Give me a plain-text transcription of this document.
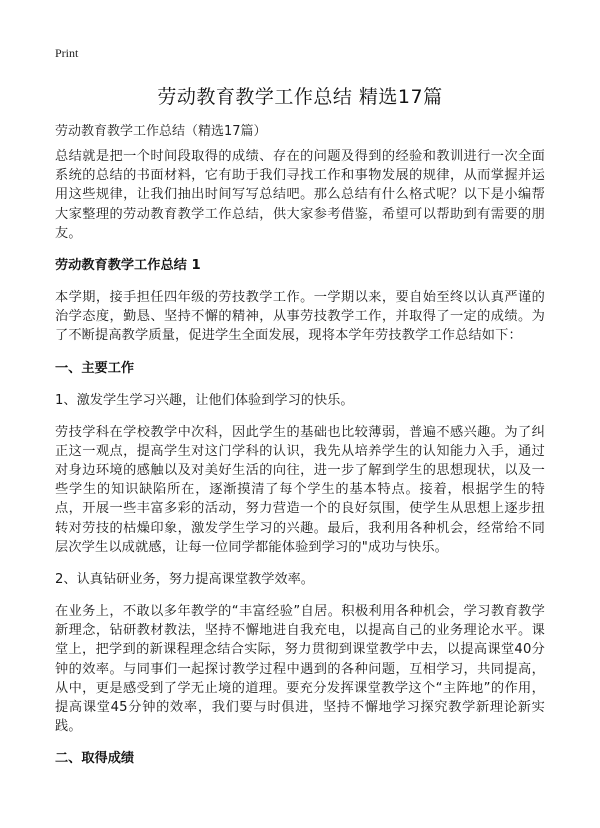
Print
劳动教育教学工作总结 精选17篇
劳动教育教学工作总结（精选17篇）

总结就是把一个时间段取得的成绩、存在的问题及得到的经验和教训进行一次全面系统的总结的书面材料，它有助于我们寻找工作和事物发展的规律，从而掌握并运用这些规律，让我们抽出时间写写总结吧。那么总结有什么格式呢？以下是小编帮大家整理的劳动教育教学工作总结，供大家参考借鉴，希望可以帮助到有需要的朋友。

劳动教育教学工作总结 1

本学期，接手担任四年级的劳技教学工作。一学期以来，要自始至终以认真严谨的治学态度，勤恳、坚持不懈的精神，从事劳技教学工作，并取得了一定的成绩。为了不断提高教学质量，促进学生全面发展，现将本学年劳技教学工作总结如下：

一、主要工作
1、激发学生学习兴趣，让他们体验到学习的快乐。

劳技学科在学校教学中次科，因此学生的基础也比较薄弱，普遍不感兴趣。为了纠正这一观点，提高学生对这门学科的认识，我先从培养学生的认知能力入手，通过对身边环境的感触以及对美好生活的向往，进一步了解到学生的思想现状，以及一些学生的知识缺陷所在，逐渐摸清了每个学生的基本特点。接着，根据学生的特点，开展一些丰富多彩的活动，努力营造一个的良好氛围，使学生从思想上逐步扭转对劳技的枯燥印象，激发学生学习的兴趣。最后，我利用各种机会，经常给不同层次学生以成就感，让每一位同学都能体验到学习的"成功与快乐。

2、认真钻研业务，努力提高课堂教学效率。

在业务上，不敢以多年教学的“丰富经验”自居。积极利用各种机会，学习教育教学新理念，钻研教材教法，坚持不懈地进自我充电，以提高自己的业务理论水平。课堂上，把学到的新课程理念结合实际，努力贯彻到课堂教学中去，以提高课堂40分钟的效率。与同事们一起探讨教学过程中遇到的各种问题，互相学习，共同提高，从中，更是感受到了学无止境的道理。要充分发挥课堂教学这个“主阵地”的作用，提高课堂45分钟的效率，我们要与时俱进，坚持不懈地学习探究教学新理论新实践。

二、取得成绩
